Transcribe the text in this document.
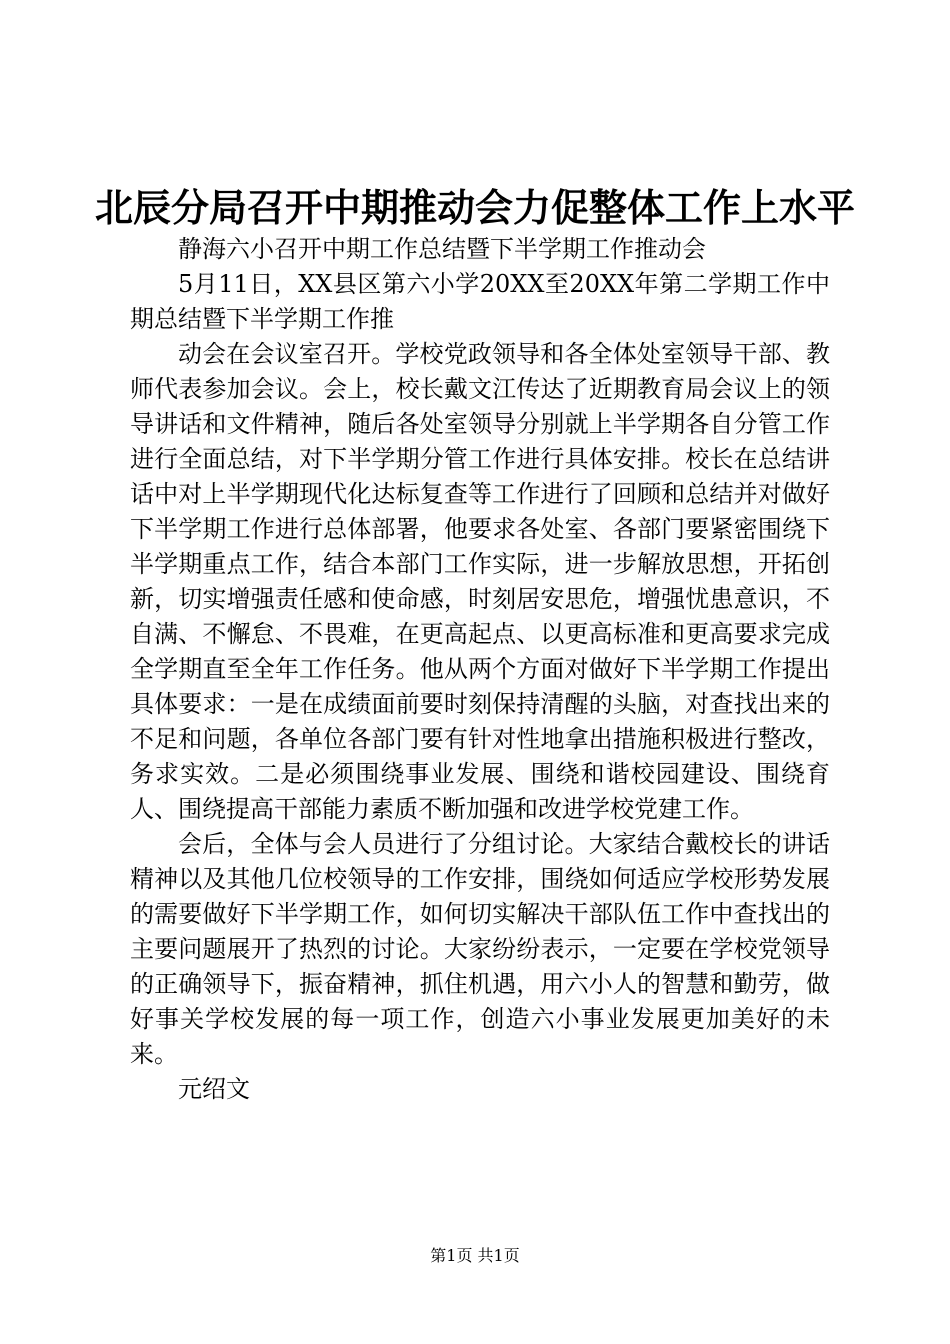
北辰分局召开中期推动会力促整体工作上水平

静海六小召开中期工作总结暨下半学期工作推动会

5月11日，XX县区第六小学20XX至20XX年第二学期工作中期总结暨下半学期工作推

动会在会议室召开。学校党政领导和各全体处室领导干部、教师代表参加会议。会上，校长戴文江传达了近期教育局会议上的领导讲话和文件精神，随后各处室领导分别就上半学期各自分管工作进行全面总结，对下半学期分管工作进行具体安排。校长在总结讲话中对上半学期现代化达标复查等工作进行了回顾和总结并对做好下半学期工作进行总体部署，他要求各处室、各部门要紧密围绕下半学期重点工作，结合本部门工作实际，进一步解放思想，开拓创新，切实增强责任感和使命感，时刻居安思危，增强忧患意识，不自满、不懈怠、不畏难，在更高起点、以更高标准和更高要求完成全学期直至全年工作任务。他从两个方面对做好下半学期工作提出具体要求：一是在成绩面前要时刻保持清醒的头脑，对查找出来的不足和问题，各单位各部门要有针对性地拿出措施积极进行整改，务求实效。二是必须围绕事业发展、围绕和谐校园建设、围绕育人、围绕提高干部能力素质不断加强和改进学校党建工作。

会后，全体与会人员进行了分组讨论。大家结合戴校长的讲话精神以及其他几位校领导的工作安排，围绕如何适应学校形势发展的需要做好下半学期工作，如何切实解决干部队伍工作中查找出的主要问题展开了热烈的讨论。大家纷纷表示，一定要在学校党领导的正确领导下，振奋精神，抓住机遇，用六小人的智慧和勤劳，做好事关学校发展的每一项工作，创造六小事业发展更加美好的未来。

元绍文

第1页 共1页
